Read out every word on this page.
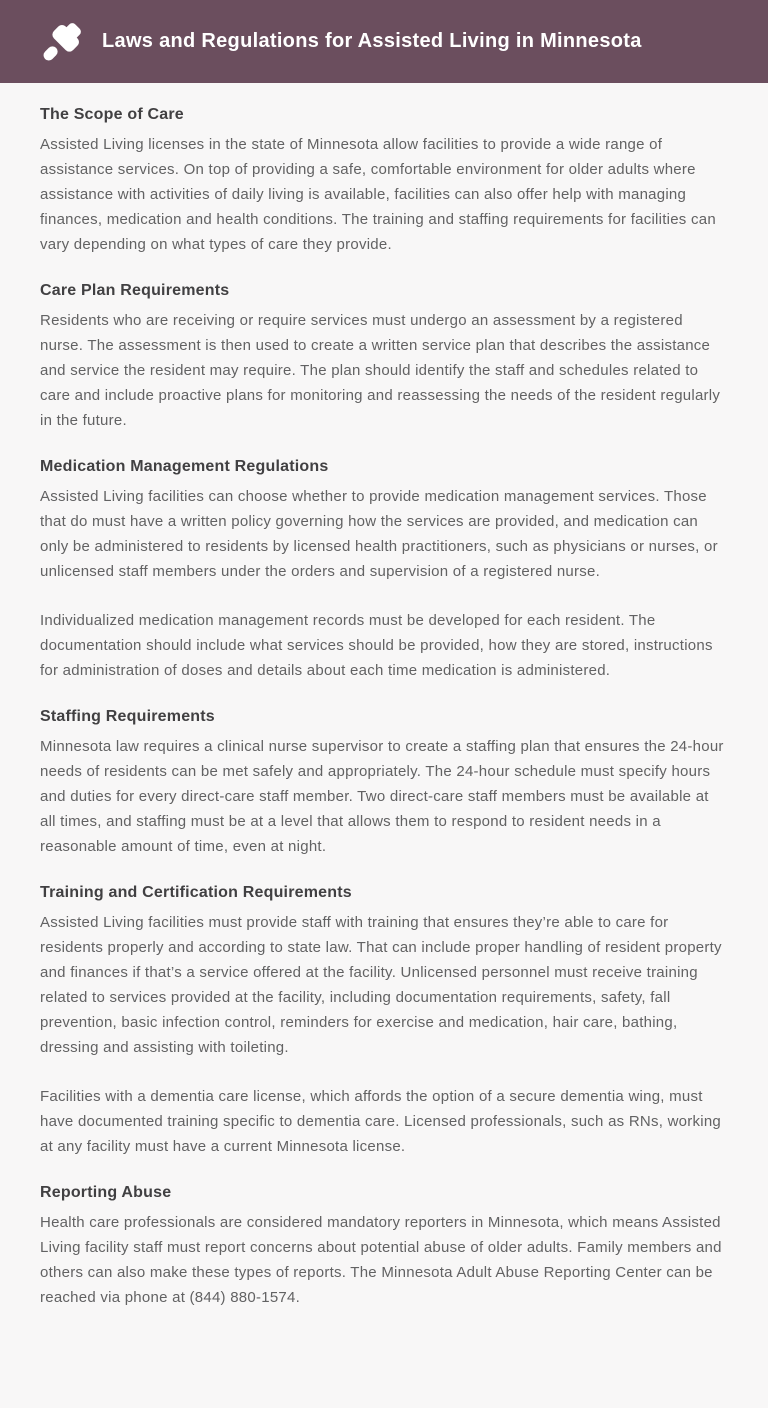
Laws and Regulations for Assisted Living in Minnesota
The Scope of Care

Assisted Living licenses in the state of Minnesota allow facilities to provide a wide range of assistance services. On top of providing a safe, comfortable environment for older adults where assistance with activities of daily living is available, facilities can also offer help with managing finances, medication and health conditions. The training and staffing requirements for facilities can vary depending on what types of care they provide.

Care Plan Requirements

Residents who are receiving or require services must undergo an assessment by a registered nurse. The assessment is then used to create a written service plan that describes the assistance and service the resident may require. The plan should identify the staff and schedules related to care and include proactive plans for monitoring and reassessing the needs of the resident regularly in the future.

Medication Management Regulations

Assisted Living facilities can choose whether to provide medication management services. Those that do must have a written policy governing how the services are provided, and medication can only be administered to residents by licensed health practitioners, such as physicians or nurses, or unlicensed staff members under the orders and supervision of a registered nurse.

Individualized medication management records must be developed for each resident. The documentation should include what services should be provided, how they are stored, instructions for administration of doses and details about each time medication is administered.

Staffing Requirements

Minnesota law requires a clinical nurse supervisor to create a staffing plan that ensures the 24-hour needs of residents can be met safely and appropriately. The 24-hour schedule must specify hours and duties for every direct-care staff member. Two direct-care staff members must be available at all times, and staffing must be at a level that allows them to respond to resident needs in a reasonable amount of time, even at night.

Training and Certification Requirements

Assisted Living facilities must provide staff with training that ensures they’re able to care for residents properly and according to state law. That can include proper handling of resident property and finances if that’s a service offered at the facility. Unlicensed personnel must receive training related to services provided at the facility, including documentation requirements, safety, fall prevention, basic infection control, reminders for exercise and medication, hair care, bathing, dressing and assisting with toileting.

Facilities with a dementia care license, which affords the option of a secure dementia wing, must have documented training specific to dementia care. Licensed professionals, such as RNs, working at any facility must have a current Minnesota license.

Reporting Abuse

Health care professionals are considered mandatory reporters in Minnesota, which means Assisted Living facility staff must report concerns about potential abuse of older adults. Family members and others can also make these types of reports. The Minnesota Adult Abuse Reporting Center can be reached via phone at (844) 880-1574.
